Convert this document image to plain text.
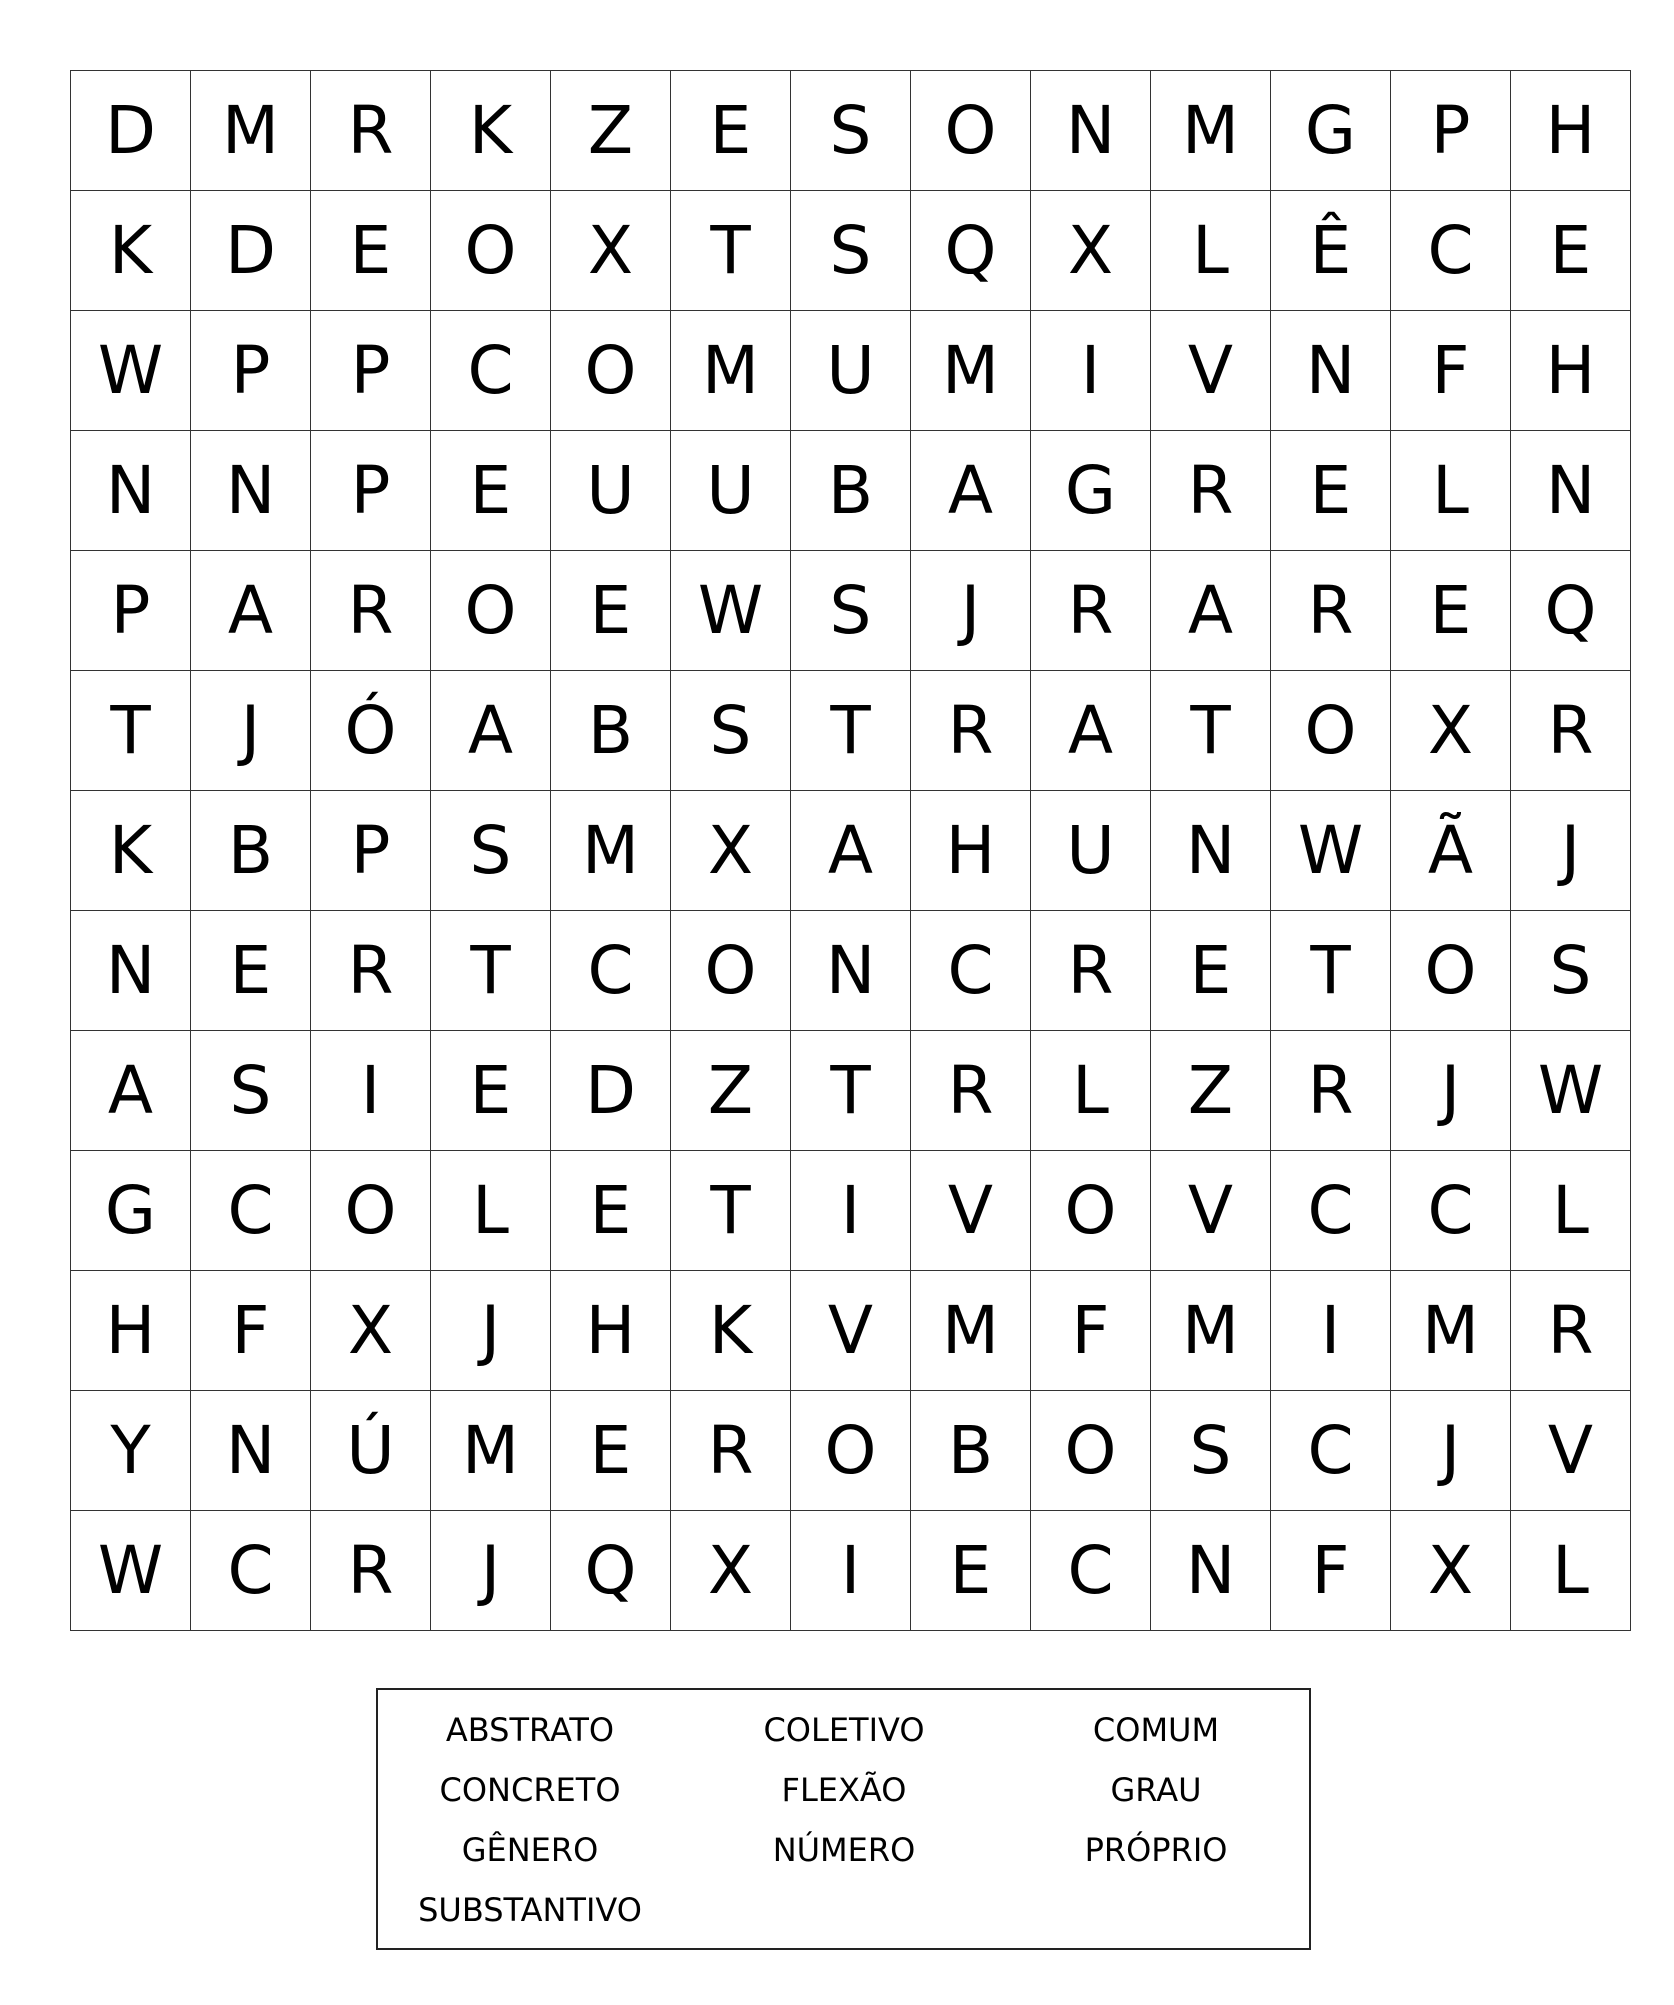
D	M	R	K	Z	E	S	O	N	M	G	P	H
K	D	E	O	X	T	S	Q	X	L	Ê	C	E
W	P	P	C	O	M	U	M	I	V	N	F	H
N	N	P	E	U	U	B	A	G	R	E	L	N
P	A	R	O	E	W	S	J	R	A	R	E	Q
T	J	Ó	A	B	S	T	R	A	T	O	X	R
K	B	P	S	M	X	A	H	U	N	W	Ã	J
N	E	R	T	C	O	N	C	R	E	T	O	S
A	S	I	E	D	Z	T	R	L	Z	R	J	W
G	C	O	L	E	T	I	V	O	V	C	C	L
H	F	X	J	H	K	V	M	F	M	I	M	R
Y	N	Ú	M	E	R	O	B	O	S	C	J	V
W	C	R	J	Q	X	I	E	C	N	F	X	L
ABSTRATO	COLETIVO	COMUM
CONCRETO	FLEXÃO	GRAU
GÊNERO	NÚMERO	PRÓPRIO
SUBSTANTIVO
